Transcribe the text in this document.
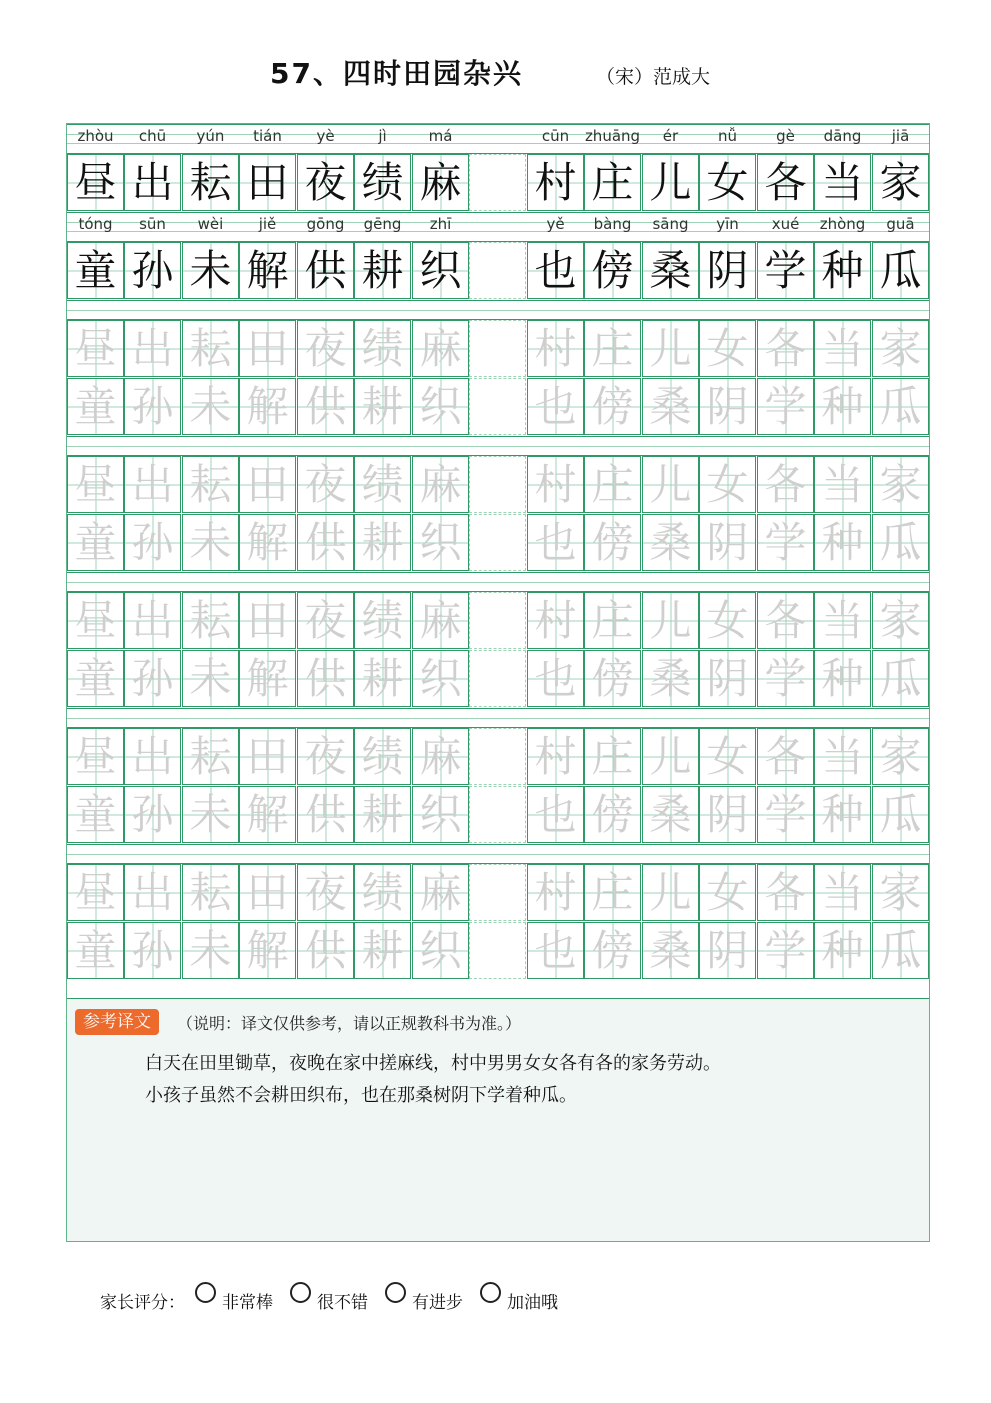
57、四时田园杂兴	（宋）范成大
参考译文	（说明：译文仅供参考，请以正规教科书为准。）
白天在田里锄草，夜晚在家中搓麻线，村中男男女女各有各的家务劳动。
小孩子虽然不会耕田织布，也在那桑树阴下学着种瓜。
zhòu	chū	yún	tián	yè	jì	má	cūn	zhuāng	ér	nǚ	gè	dāng	jiā
昼 出 耘 田 夜 绩 麻 村 庄 儿 女 各 当 家
tóng	sūn	wèi	jiě	gōng	gēng	zhī	yě	bàng	sāng	yīn	xué	zhòng	guā
童 孙 未 解 供 耕 织 也 傍 桑 阴 学 种 瓜
昼 出 耘 田 夜 绩 麻 村 庄 儿 女 各 当 家
童 孙 未 解 供 耕 织 也 傍 桑 阴 学 种 瓜
昼 出 耘 田 夜 绩 麻 村 庄 儿 女 各 当 家
童 孙 未 解 供 耕 织 也 傍 桑 阴 学 种 瓜
昼 出 耘 田 夜 绩 麻 村 庄 儿 女 各 当 家
童 孙 未 解 供 耕 织 也 傍 桑 阴 学 种 瓜
昼 出 耘 田 夜 绩 麻 村 庄 儿 女 各 当 家
童 孙 未 解 供 耕 织 也 傍 桑 阴 学 种 瓜
昼 出 耘 田 夜 绩 麻 村 庄 儿 女 各 当 家
童 孙 未 解 供 耕 织 也 傍 桑 阴 学 种 瓜
家长评分： 非常棒	很不错	有进步	加油哦
